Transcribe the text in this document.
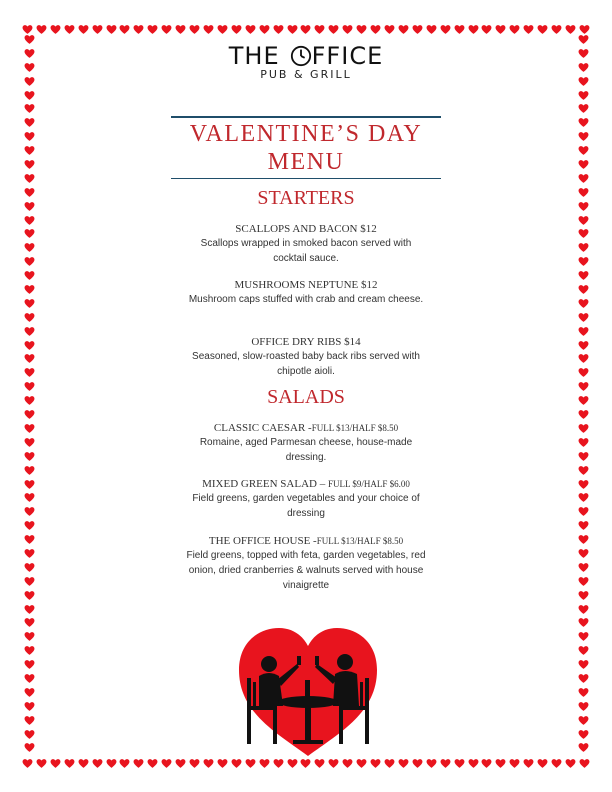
THE FFICE
PUB & GRILL
VALENTINE’S DAY
MENU
STARTERS
SCALLOPS AND BACON $12
Scallops wrapped in smoked bacon served with cocktail sauce.
MUSHROOMS NEPTUNE $12
Mushroom caps stuffed with crab and cream cheese.
OFFICE DRY RIBS $14
Seasoned, slow-roasted baby back ribs served with chipotle aioli.
SALADS
CLASSIC CAESAR -FULL $13/HALF $8.50
Romaine, aged Parmesan cheese, house-made dressing.
MIXED GREEN SALAD – FULL $9/HALF $6.00
Field greens, garden vegetables and your choice of dressing
THE OFFICE HOUSE -FULL $13/HALF $8.50
Field greens, topped with feta, garden vegetables, red onion, dried cranberries & walnuts served with house vinaigrette
